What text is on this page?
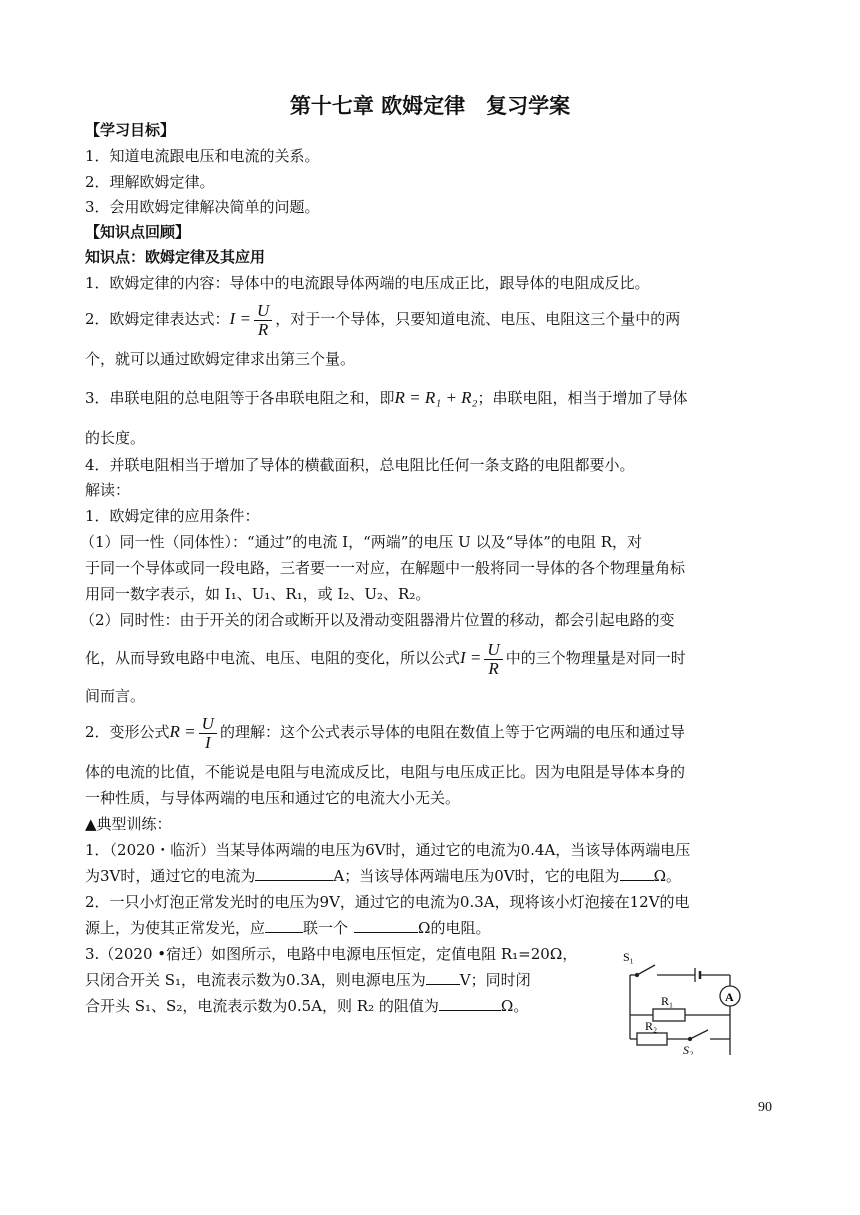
第十七章 欧姆定律　复习学案
【学习目标】
1．知道电流跟电压和电流的关系。
2．理解欧姆定律。
3．会用欧姆定律解决简单的问题。
【知识点回顾】
知识点：欧姆定律及其应用
1．欧姆定律的内容：导体中的电流跟导体两端的电压成正比，跟导体的电阻成反比。
2．欧姆定律表达式：$I = \frac{U}{R}$ ，对于一个导体，只要知道电流、电压、电阻这三个量中的两
个，就可以通过欧姆定律求出第三个量。
3．串联电阻的总电阻等于各串联电阻之和，即R = R₁ + R₂；串联电阻，相当于增加了导体
的长度。
4．并联电阻相当于增加了导体的横截面积，总电阻比任何一条支路的电阻都要小。
解读：
1．欧姆定律的应用条件：
（1）同一性（同体性）：“通过”的电流 I，“两端”的电压 U 以及“导体”的电阻 R，对
于同一个导体或同一段电路，三者要一一对应，在解题中一般将同一导体的各个物理量角标
用同一数字表示，如 I₁、U₁、R₁，或 I₂、U₂、R₂。
（2）同时性：由于开关的闭合或断开以及滑动变阻器滑片位置的移动，都会引起电路的变
化，从而导致电路中电流、电压、电阻的变化，所以公式$I = \frac{U}{R}$ 中的三个物理量是对同一时
间而言。
2．变形公式$R = \frac{U}{I}$ 的理解：这个公式表示导体的电阻在数值上等于它两端的电压和通过导
体的电流的比值，不能说是电阻与电流成反比，电阻与电压成正比。因为电阻是导体本身的
一种性质，与导体两端的电压和通过它的电流大小无关。
▲典型训练：
1．（2020・临沂）当某导体两端的电压为6V时，通过它的电流为0.4A，当该导体两端电压
为3V时，通过它的电流为	A；当该导体两端电压为0V时，它的电阻为 Ω。
2．一只小灯泡正常发光时的电压为9V，通过它的电流为0.3A，现将该小灯泡接在12V的电
源上，为使其正常发光，应	联一个	Ω的电阻。
3.（2020 •宿迁）如图所示，电路中电源电压恒定，定值电阻 R₁=20Ω，
只闭合开关 S₁，电流表示数为0.3A，则电源电压为 V；同时闭
合开头 S₁、S₂，电流表示数为0.5A，则 R₂ 的阻值为	Ω。
S₁
A
R₁
R₂
S₂
90
